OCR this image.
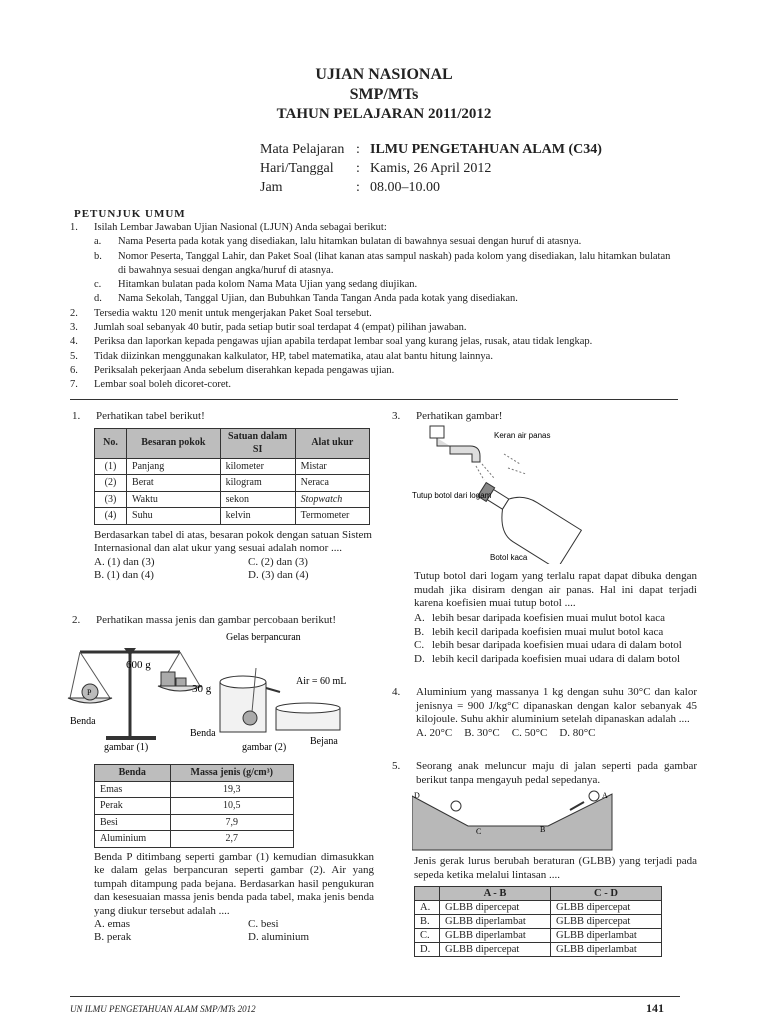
UJIAN NASIONAL
SMP/MTs
TAHUN PELAJARAN 2011/2012
Mata Pelajaran : ILMU PENGETAHUAN ALAM (C34)
Hari/Tanggal	: Kamis, 26 April 2012
Jam	: 08.00–10.00
PETUNJUK UMUM
1.	Isilah Lembar Jawaban Ujian Nasional (LJUN) Anda sebagai berikut:
a.	Nama Peserta pada kotak yang disediakan, lalu hitamkan bulatan di bawahnya sesuai dengan huruf di atasnya.
b.	Nomor Peserta, Tanggal Lahir, dan Paket Soal (lihat kanan atas sampul naskah) pada kolom yang disediakan, lalu hitamkan bulatan di bawahnya sesuai dengan angka/huruf di atasnya.
c.	Hitamkan bulatan pada kolom Nama Mata Ujian yang sedang diujikan.
d.	Nama Sekolah, Tanggal Ujian, dan Bubuhkan Tanda Tangan Anda pada kotak yang disediakan.
2.	Tersedia waktu 120 menit untuk mengerjakan Paket Soal tersebut.
3.	Jumlah soal sebanyak 40 butir, pada setiap butir soal terdapat 4 (empat) pilihan jawaban.
4.	Periksa dan laporkan kepada pengawas ujian apabila terdapat lembar soal yang kurang jelas, rusak, atau tidak lengkap.
5.	Tidak diizinkan menggunakan kalkulator, HP, tabel matematika, atau alat bantu hitung lainnya.
6.	Periksalah pekerjaan Anda sebelum diserahkan kepada pengawas ujian.
7.	Lembar soal boleh dicoret-coret.
1.	Perhatikan tabel berikut!
No.	Besaran pokok	Satuan dalam SI	Alat ukur
(1)	Panjang	kilometer	Mistar
(2)	Berat	kilogram	Neraca
(3)	Waktu	sekon	Stopwatch
(4)	Suhu	kelvin	Termometer
Berdasarkan tabel di atas, besaran pokok dengan satuan Sistem Internasional dan alat ukur yang sesuai adalah nomor ....
A. (1) dan (3)	C. (2) dan (3)
B. (1) dan (4)	D. (3) dan (4)
2.	Perhatikan massa jenis dan gambar percobaan berikut!
P
600 g
30 g
Benda
gambar (1)
Gelas berpancuran
Benda
Air = 60 mL
Bejana
gambar (2)
Benda	Massa jenis (g/cm³)
Emas	19,3
Perak	10,5
Besi	7,9
Aluminium	2,7
Benda P ditimbang seperti gambar (1) kemudian dimasukkan ke dalam gelas berpancuran seperti gambar (2). Air yang tumpah ditampung pada bejana. Berdasarkan hasil pengukuran dan kesesuaian massa jenis benda pada tabel, maka jenis benda yang diukur tersebut adalah ....
A. emas	C. besi
B. perak	D. aluminium
3.	Perhatikan gambar!
Keran air panas
Tutup botol dari logam
Botol kaca
Tutup botol dari logam yang terlalu rapat dapat dibuka dengan mudah jika disiram dengan air panas. Hal ini dapat terjadi karena koefisien muai tutup botol ....
A. lebih besar daripada koefisien muai mulut botol kaca
B. lebih kecil daripada koefisien muai mulut botol kaca
C. lebih besar daripada koefisien muai udara di dalam botol
D. lebih kecil daripada koefisien muai udara di dalam botol
4.	Aluminium yang massanya 1 kg dengan suhu 30°C dan kalor jenisnya = 900 J/kg°C dipanaskan dengan kalor sebanyak 45 kilojoule. Suhu akhir aluminium setelah dipanaskan adalah ....
A. 20°C B. 30°C C. 50°C D. 80°C
5.	Seorang anak meluncur maju di jalan seperti pada gambar berikut tanpa mengayuh pedal sepedanya.
D	A
B
C
Jenis gerak lurus berubah beraturan (GLBB) yang terjadi pada sepeda ketika melalui lintasan ....
	A - B	C - D
A.	GLBB dipercepat	GLBB dipercepat
B.	GLBB diperlambat	GLBB dipercepat
C.	GLBB diperlambat	GLBB diperlambat
D.	GLBB dipercepat	GLBB diperlambat
UN ILMU PENGETAHUAN ALAM SMP/MTs 2012	141
